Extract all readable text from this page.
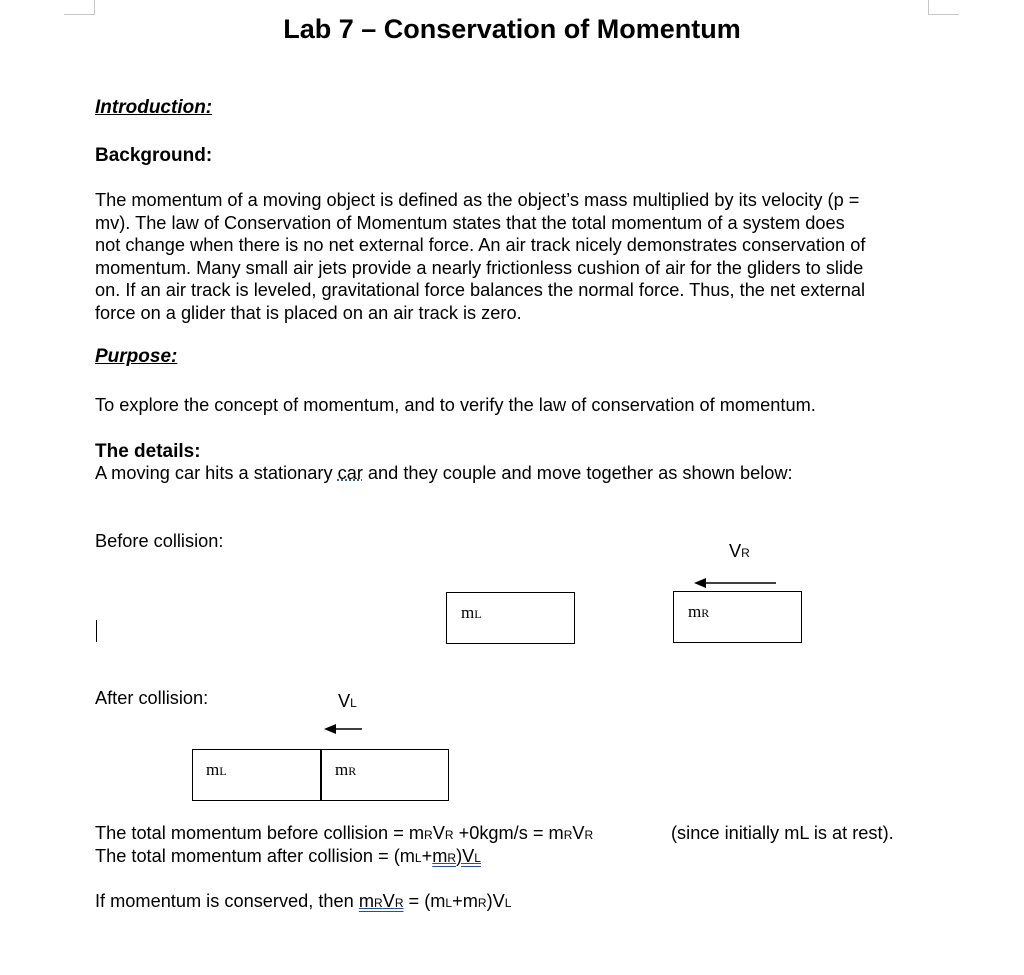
Lab 7 – Conservation of Momentum
Introduction:
Background:
The momentum of a moving object is defined as the object’s mass multiplied by its velocity (p =
mv). The law of Conservation of Momentum states that the total momentum of a system does
not change when there is no net external force. An air track nicely demonstrates conservation of
momentum. Many small air jets provide a nearly frictionless cushion of air for the gliders to slide
on. If an air track is leveled, gravitational force balances the normal force. Thus, the net external
force on a glider that is placed on an air track is zero.
Purpose:
To explore the concept of momentum, and to verify the law of conservation of momentum.
The details:
A moving car hits a stationary car and they couple and move together as shown below:
Before collision:	VR
mL	mR
After collision:	VL
mL	mR
The total momentum before collision = mRVR +0kgm/s = mRVR	(since initially mL is at rest).
The total momentum after collision = (mL+mR)VL
If momentum is conserved, then mRVR = (mL+mR)VL
